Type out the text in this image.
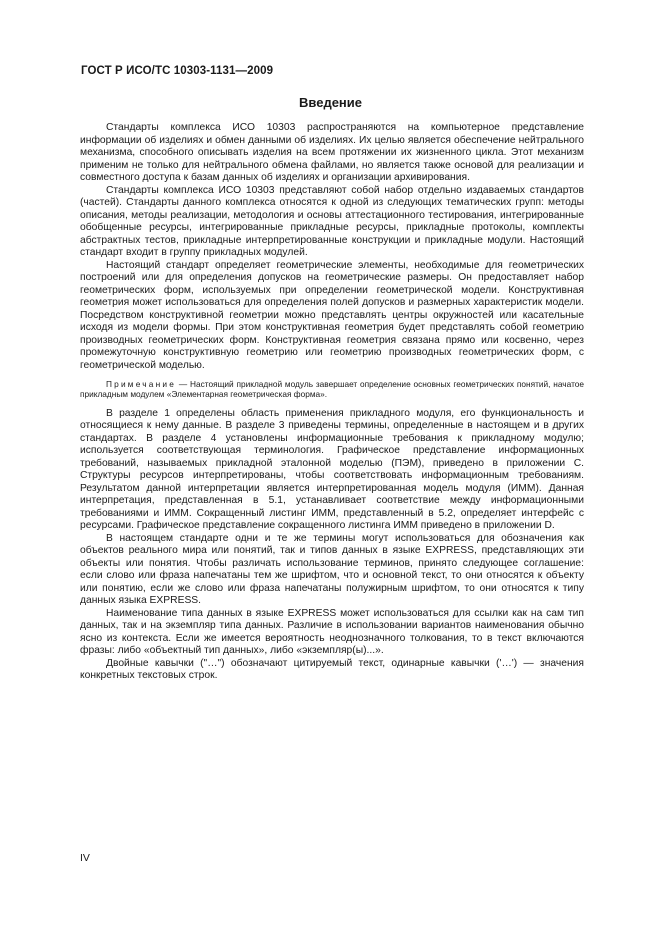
ГОСТ Р ИСО/ТС 10303-1131—2009
Введение

Стандарты комплекса ИСО 10303 распространяются на компьютерное представление информации об изделиях и обмен данными об изделиях. Их целью является обеспечение нейтрального механизма, способного описывать изделия на всем протяжении их жизненного цикла. Этот механизм применим не только для нейтрального обмена файлами, но является также основой для реализации и совместного доступа к базам данных об изделиях и организации архивирования.

Стандарты комплекса ИСО 10303 представляют собой набор отдельно издаваемых стандартов (частей). Стандарты данного комплекса относятся к одной из следующих тематических групп: методы описания, методы реализации, методология и основы аттестационного тестирования, интегрированные обобщенные ресурсы, интегрированные прикладные ресурсы, прикладные протоколы, комплекты абстрактных тестов, прикладные интерпретированные конструкции и прикладные модули. Настоящий стандарт входит в группу прикладных модулей.

Настоящий стандарт определяет геометрические элементы, необходимые для геометрических построений или для определения допусков на геометрические размеры. Он предоставляет набор геометрических форм, используемых при определении геометрической модели. Конструктивная геометрия может использоваться для определения полей допусков и размерных характеристик модели. Посредством конструктивной геометрии можно представлять центры окружностей или касательные исходя из модели формы. При этом конструктивная геометрия будет представлять собой геометрию производных геометрических форм. Конструктивная геометрия связана прямо или косвенно, через промежуточную конструктивную геометрию или геометрию производных геометрических форм, с геометрической моделью.

Примечание — Настоящий прикладной модуль завершает определение основных геометрических понятий, начатое прикладным модулем «Элементарная геометрическая форма».

В разделе 1 определены область применения прикладного модуля, его функциональность и относящиеся к нему данные. В разделе 3 приведены термины, определенные в настоящем и в других стандартах. В разделе 4 установлены информационные требования к прикладному модулю; используется соответствующая терминология. Графическое представление информационных требований, называемых прикладной эталонной моделью (ПЭМ), приведено в приложении С. Структуры ресурсов интерпретированы, чтобы соответствовать информационным требованиям. Результатом данной интерпретации является интерпретированная модель модуля (ИММ). Данная интерпретация, представленная в 5.1, устанавливает соответствие между информационными требованиями и ИММ. Сокращенный листинг ИММ, представленный в 5.2, определяет интерфейс с ресурсами. Графическое представление сокращенного листинга ИММ приведено в приложении D.

В настоящем стандарте одни и те же термины могут использоваться для обозначения как объектов реального мира или понятий, так и типов данных в языке EXPRESS, представляющих эти объекты или понятия. Чтобы различать использование терминов, принято следующее соглашение: если слово или фраза напечатаны тем же шрифтом, что и основной текст, то они относятся к объекту или понятию, если же слово или фраза напечатаны полужирным шрифтом, то они относятся к типу данных языка EXPRESS.

Наименование типа данных в языке EXPRESS может использоваться для ссылки как на сам тип данных, так и на экземпляр типа данных. Различие в использовании вариантов наименования обычно ясно из контекста. Если же имеется вероятность неоднозначного толкования, то в текст включаются фразы: либо «объектный тип данных», либо «экземпляр(ы)...».

Двойные кавычки ("…") обозначают цитируемый текст, одинарные кавычки ('…') — значения конкретных текстовых строк.

IV
